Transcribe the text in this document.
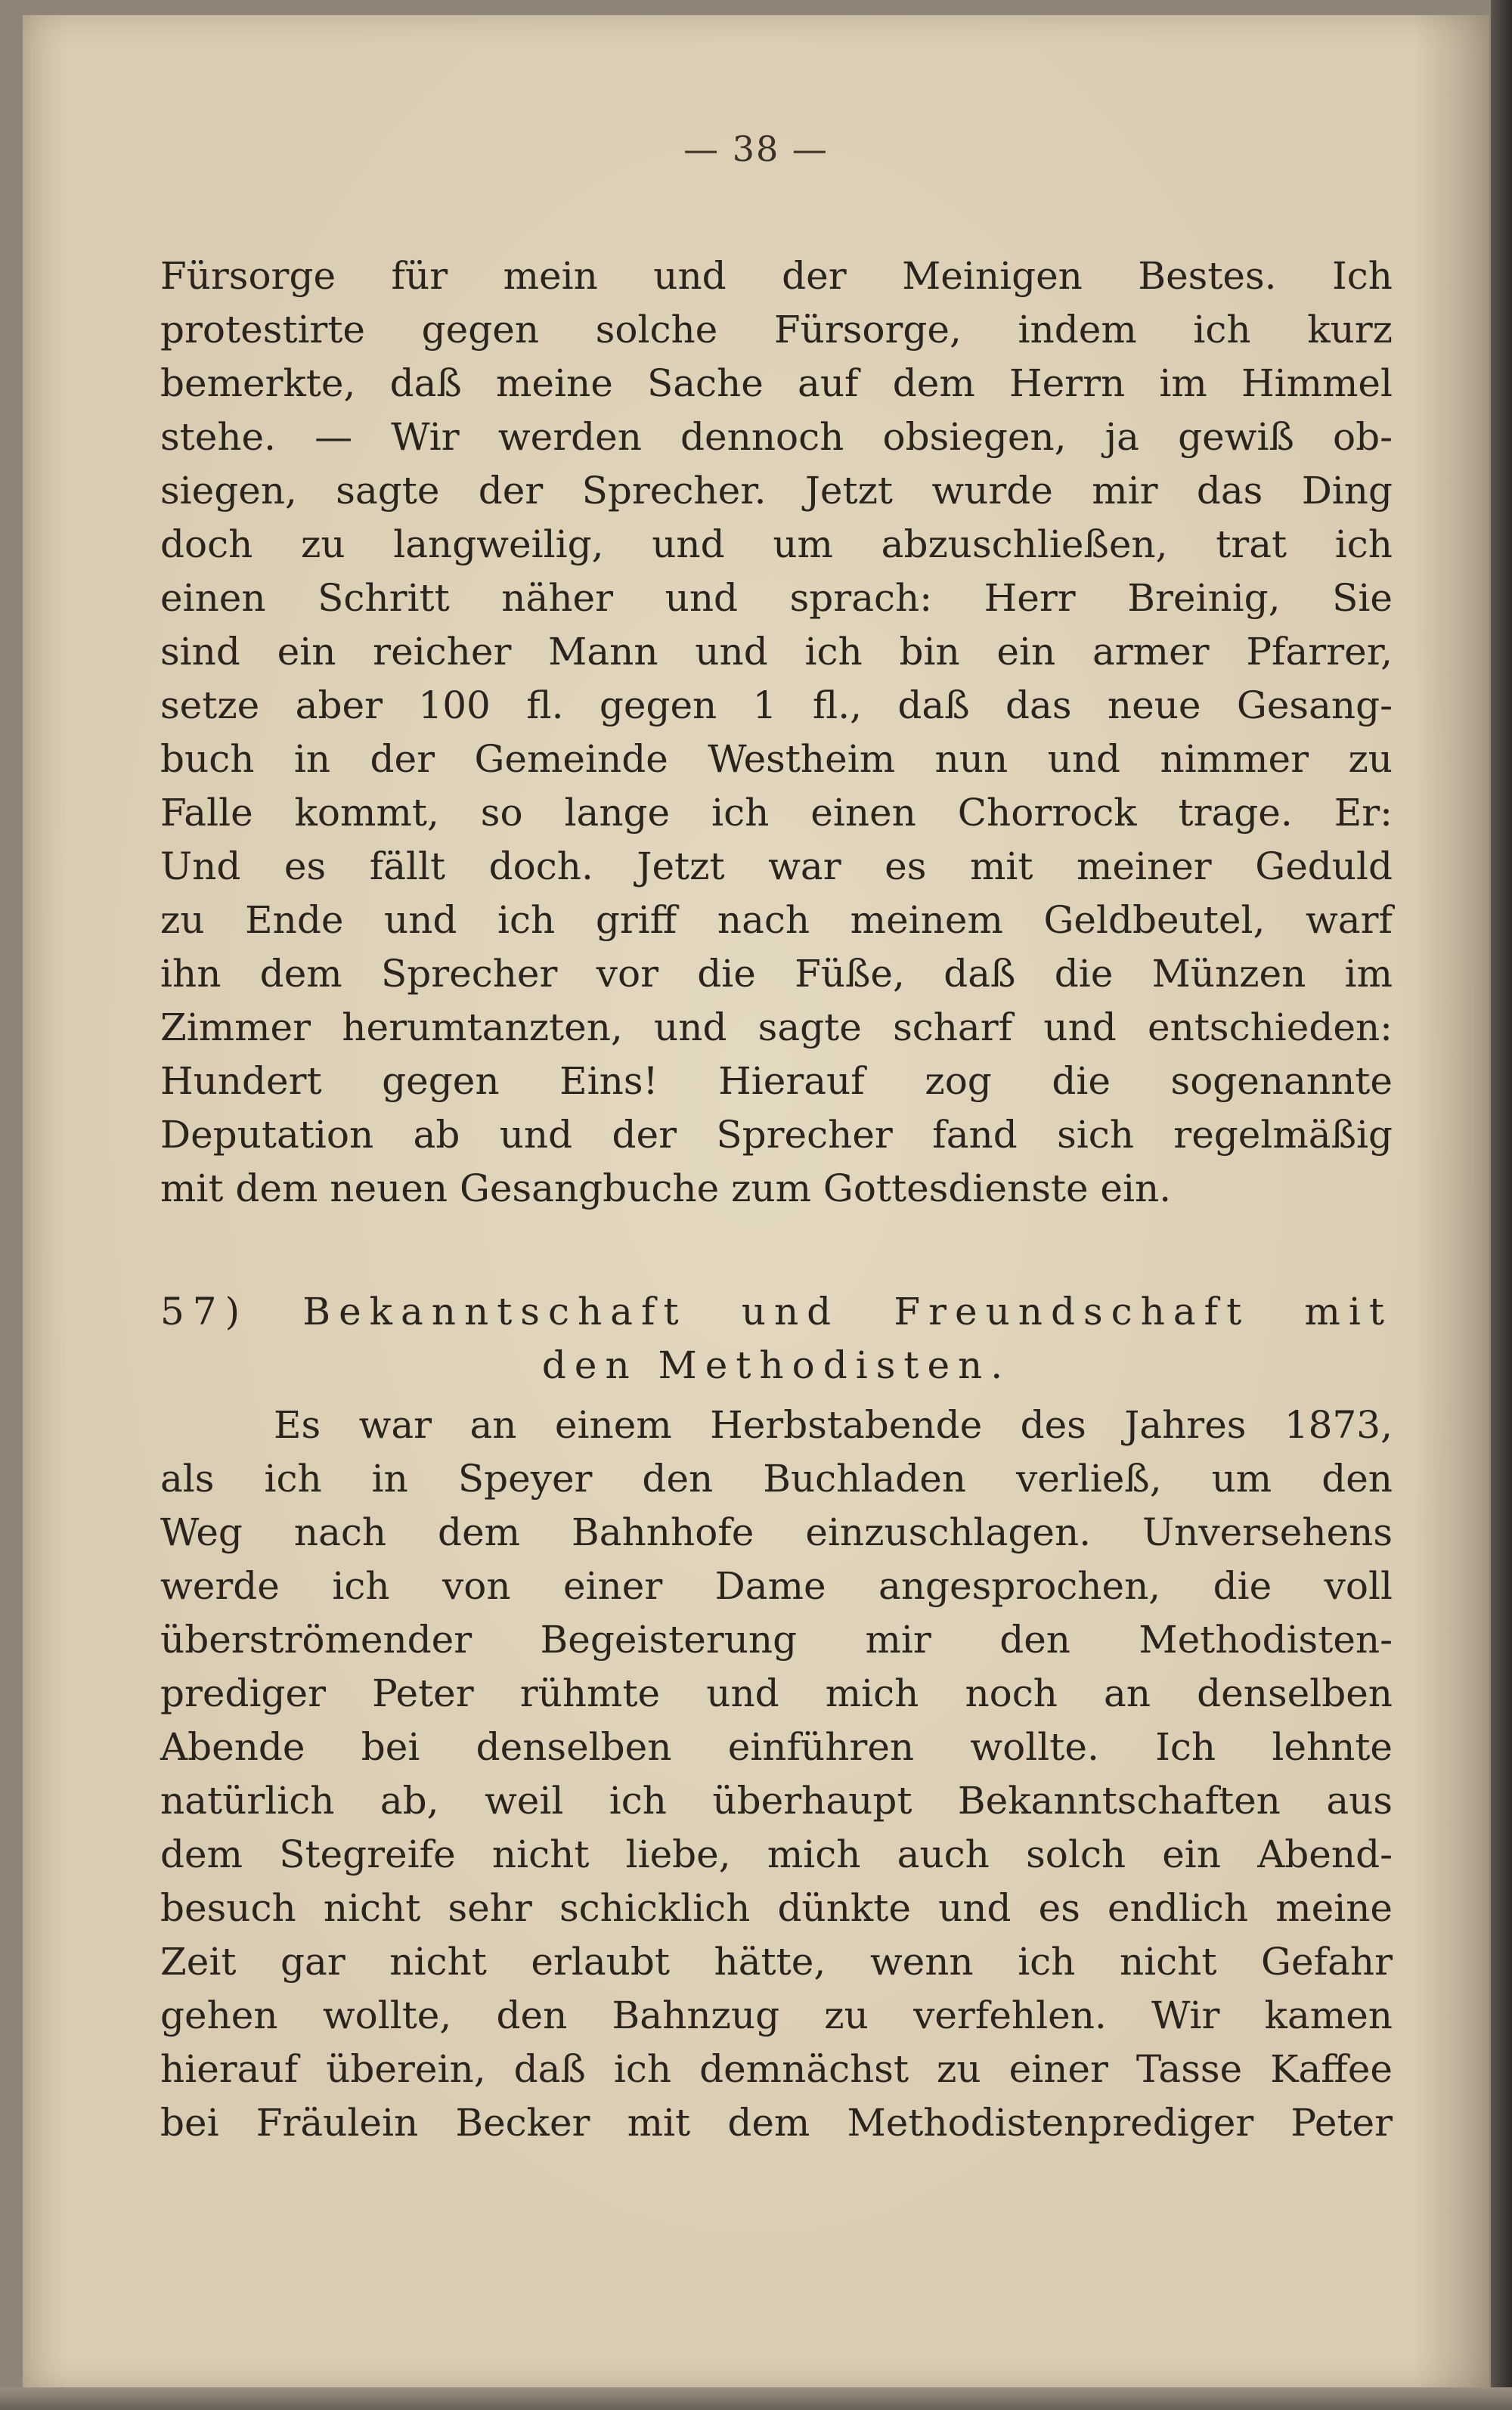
— 38 —
Fürsorge für mein und der Meinigen Bestes. Ich
protestirte gegen solche Fürsorge, indem ich kurz
bemerkte, daß meine Sache auf dem Herrn im Himmel
stehe. — Wir werden dennoch obsiegen, ja gewiß ob-
siegen, sagte der Sprecher. Jetzt wurde mir das Ding
doch zu langweilig, und um abzuschließen, trat ich
einen Schritt näher und sprach: Herr Breinig, Sie
sind ein reicher Mann und ich bin ein armer Pfarrer,
setze aber 100 fl. gegen 1 fl., daß das neue Gesang-
buch in der Gemeinde Westheim nun und nimmer zu
Falle kommt, so lange ich einen Chorrock trage. Er:
Und es fällt doch. Jetzt war es mit meiner Geduld
zu Ende und ich griff nach meinem Geldbeutel, warf
ihn dem Sprecher vor die Füße, daß die Münzen im
Zimmer herumtanzten, und sagte scharf und entschieden:
Hundert gegen Eins! Hierauf zog die sogenannte
Deputation ab und der Sprecher fand sich regelmäßig
mit dem neuen Gesangbuche zum Gottesdienste ein.
57) Bekanntschaft und Freundschaft mit
den Methodisten.
Es war an einem Herbstabende des Jahres 1873,
als ich in Speyer den Buchladen verließ, um den
Weg nach dem Bahnhofe einzuschlagen. Unversehens
werde ich von einer Dame angesprochen, die voll
überströmender Begeisterung mir den Methodisten-
prediger Peter rühmte und mich noch an denselben
Abende bei denselben einführen wollte. Ich lehnte
natürlich ab, weil ich überhaupt Bekanntschaften aus
dem Stegreife nicht liebe, mich auch solch ein Abend-
besuch nicht sehr schicklich dünkte und es endlich meine
Zeit gar nicht erlaubt hätte, wenn ich nicht Gefahr
gehen wollte, den Bahnzug zu verfehlen. Wir kamen
hierauf überein, daß ich demnächst zu einer Tasse Kaffee
bei Fräulein Becker mit dem Methodistenprediger Peter
